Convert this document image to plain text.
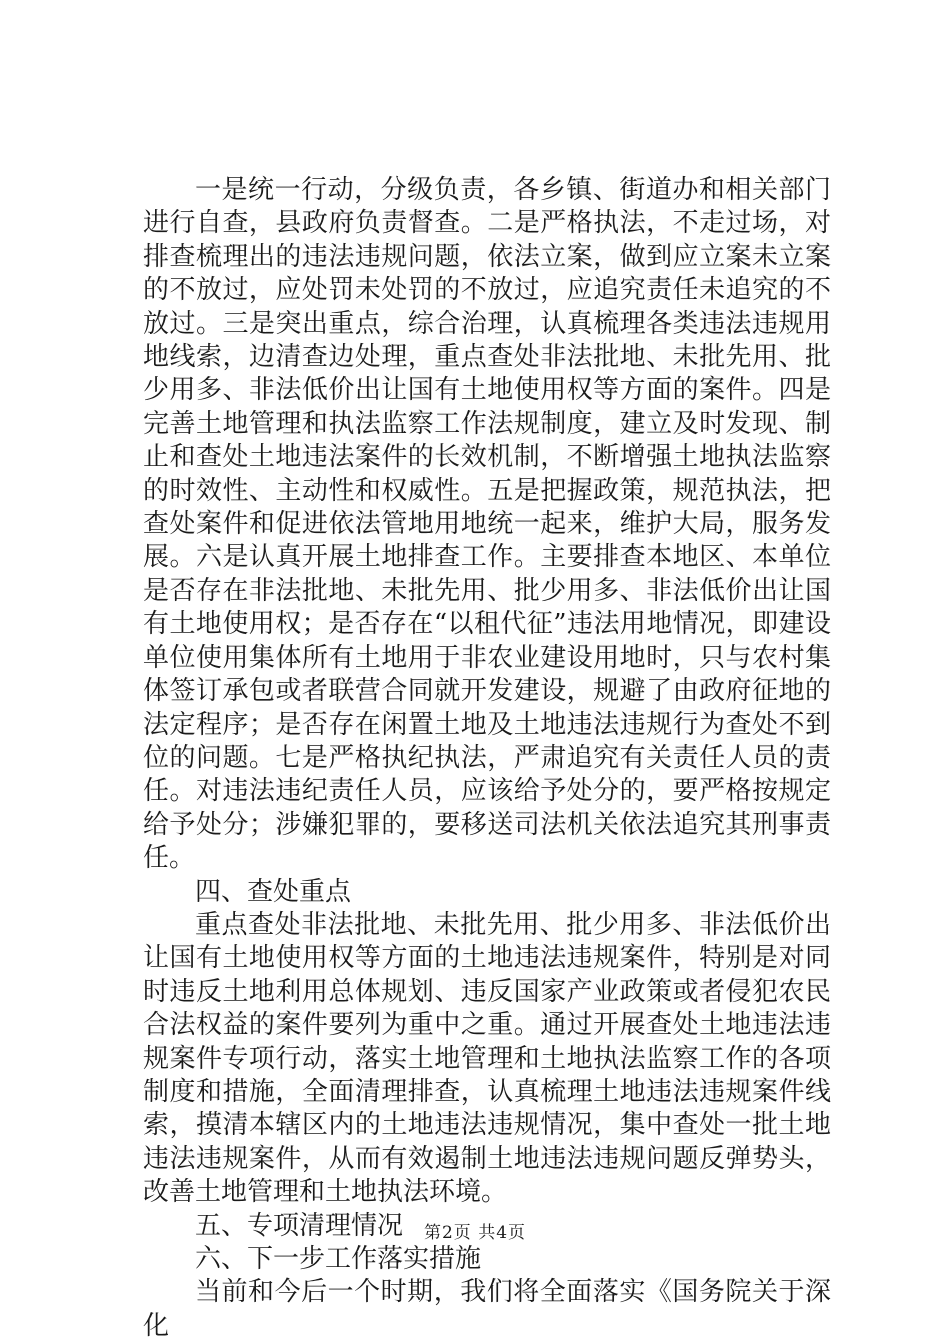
一是统一行动，分级负责，各乡镇、街道办和相关部门进行自查，县政府负责督查。二是严格执法，不走过场，对排查梳理出的违法违规问题，依法立案，做到应立案未立案的不放过，应处罚未处罚的不放过，应追究责任未追究的不放过。三是突出重点，综合治理，认真梳理各类违法违规用地线索，边清查边处理，重点查处非法批地、未批先用、批少用多、非法低价出让国有土地使用权等方面的案件。四是完善土地管理和执法监察工作法规制度，建立及时发现、制止和查处土地违法案件的长效机制，不断增强土地执法监察的时效性、主动性和权威性。五是把握政策，规范执法，把查处案件和促进依法管地用地统一起来，维护大局，服务发展。六是认真开展土地排查工作。主要排查本地区、本单位是否存在非法批地、未批先用、批少用多、非法低价出让国有土地使用权；是否存在“以租代征”违法用地情况，即建设单位使用集体所有土地用于非农业建设用地时，只与农村集体签订承包或者联营合同就开发建设，规避了由政府征地的法定程序；是否存在闲置土地及土地违法违规行为查处不到位的问题。七是严格执纪执法，严肃追究有关责任人员的责任。对违法违纪责任人员，应该给予处分的，要严格按规定给予处分；涉嫌犯罪的，要移送司法机关依法追究其刑事责任。

四、查处重点

重点查处非法批地、未批先用、批少用多、非法低价出让国有土地使用权等方面的土地违法违规案件，特别是对同时违反土地利用总体规划、违反国家产业政策或者侵犯农民合法权益的案件要列为重中之重。通过开展查处土地违法违规案件专项行动，落实土地管理和土地执法监察工作的各项制度和措施，全面清理排查，认真梳理土地违法违规案件线索，摸清本辖区内的土地违法违规情况，集中查处一批土地违法违规案件，从而有效遏制土地违法违规问题反弹势头，改善土地管理和土地执法环境。

五、专项清理情况

六、下一步工作落实措施

当前和今后一个时期，我们将全面落实《国务院关于深化

第2页 共4页
